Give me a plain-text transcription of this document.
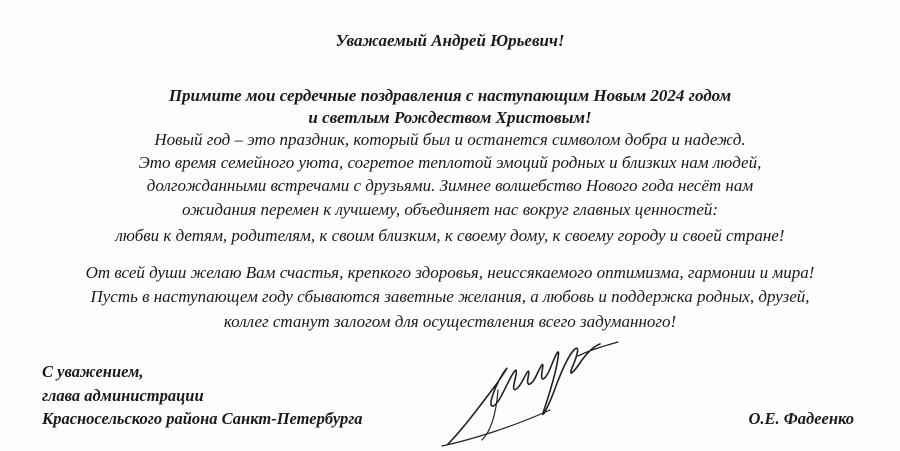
Уважаемый Андрей Юрьевич!
Примите мои сердечные поздравления с наступающим Новым 2024 годом
и светлым Рождеством Христовым!
Новый год – это праздник, который был и останется символом добра и надежд.
Это время семейного уюта, согретое теплотой эмоций родных и близких нам людей,
долгожданными встречами с друзьями. Зимнее волшебство Нового года несёт нам
ожидания перемен к лучшему, объединяет нас вокруг главных ценностей:
любви к детям, родителям, к своим близким, к своему дому, к своему городу и своей стране!
От всей души желаю Вам счастья, крепкого здоровья, неиссякаемого оптимизма, гармонии и мира!
Пусть в наступающем году сбываются заветные желания, а любовь и поддержка родных, друзей,
коллег станут залогом для осуществления всего задуманного!
С уважением,
глава администрации
Красносельского района Санкт-Петербурга	О.Е. Фадеенко
